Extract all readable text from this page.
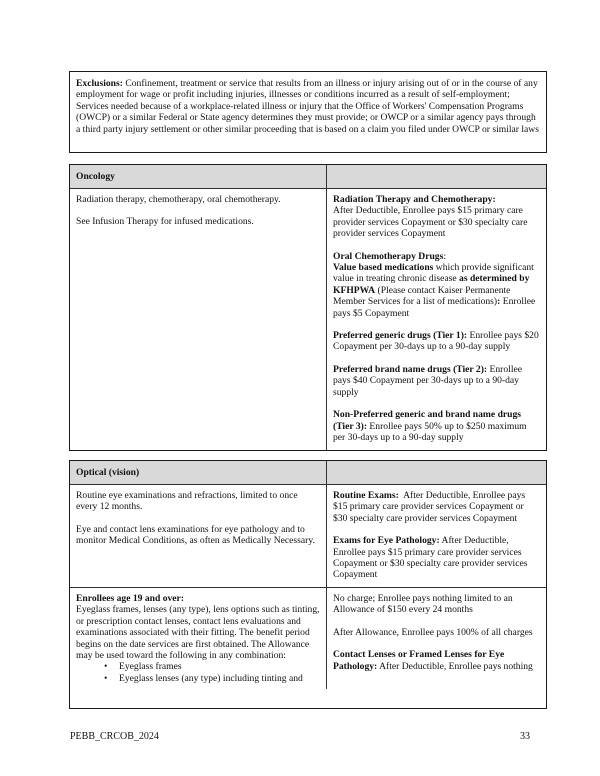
Exclusions: Confinement, treatment or service that results from an illness or injury arising out of or in the course of any employment for wage or profit including injuries, illnesses or conditions incurred as a result of self-employment; Services needed because of a workplace-related illness or injury that the Office of Workers' Compensation Programs (OWCP) or a similar Federal or State agency determines they must provide; or OWCP or a similar agency pays through a third party injury settlement or other similar proceeding that is based on a claim you filed under OWCP or similar laws

Oncology

Radiation therapy, chemotherapy, oral chemotherapy.

See Infusion Therapy for infused medications.

Radiation Therapy and Chemotherapy:
After Deductible, Enrollee pays $15 primary care provider services Copayment or $30 specialty care provider services Copayment

Oral Chemotherapy Drugs:
Value based medications which provide significant value in treating chronic disease as determined by KFHPWA (Please contact Kaiser Permanente Member Services for a list of medications): Enrollee pays $5 Copayment

Preferred generic drugs (Tier 1): Enrollee pays $20 Copayment per 30-days up to a 90-day supply

Preferred brand name drugs (Tier 2): Enrollee pays $40 Copayment per 30-days up to a 90-day supply

Non-Preferred generic and brand name drugs (Tier 3): Enrollee pays 50% up to $250 maximum per 30-days up to a 90-day supply

Optical (vision)

Routine eye examinations and refractions, limited to once every 12 months.

Eye and contact lens examinations for eye pathology and to monitor Medical Conditions, as often as Medically Necessary.

Routine Exams:  After Deductible, Enrollee pays $15 primary care provider services Copayment or $30 specialty care provider services Copayment

Exams for Eye Pathology: After Deductible, Enrollee pays $15 primary care provider services Copayment or $30 specialty care provider services Copayment

Enrollees age 19 and over:
Eyeglass frames, lenses (any type), lens options such as tinting, or prescription contact lenses, contact lens evaluations and examinations associated with their fitting. The benefit period begins on the date services are first obtained. The Allowance may be used toward the following in any combination:

• Eyeglass frames
• Eyeglass lenses (any type) including tinting and

No charge; Enrollee pays nothing limited to an Allowance of $150 every 24 months

After Allowance, Enrollee pays 100% of all charges

Contact Lenses or Framed Lenses for Eye Pathology: After Deductible, Enrollee pays nothing

PEBB_CRCOB_2024	33
